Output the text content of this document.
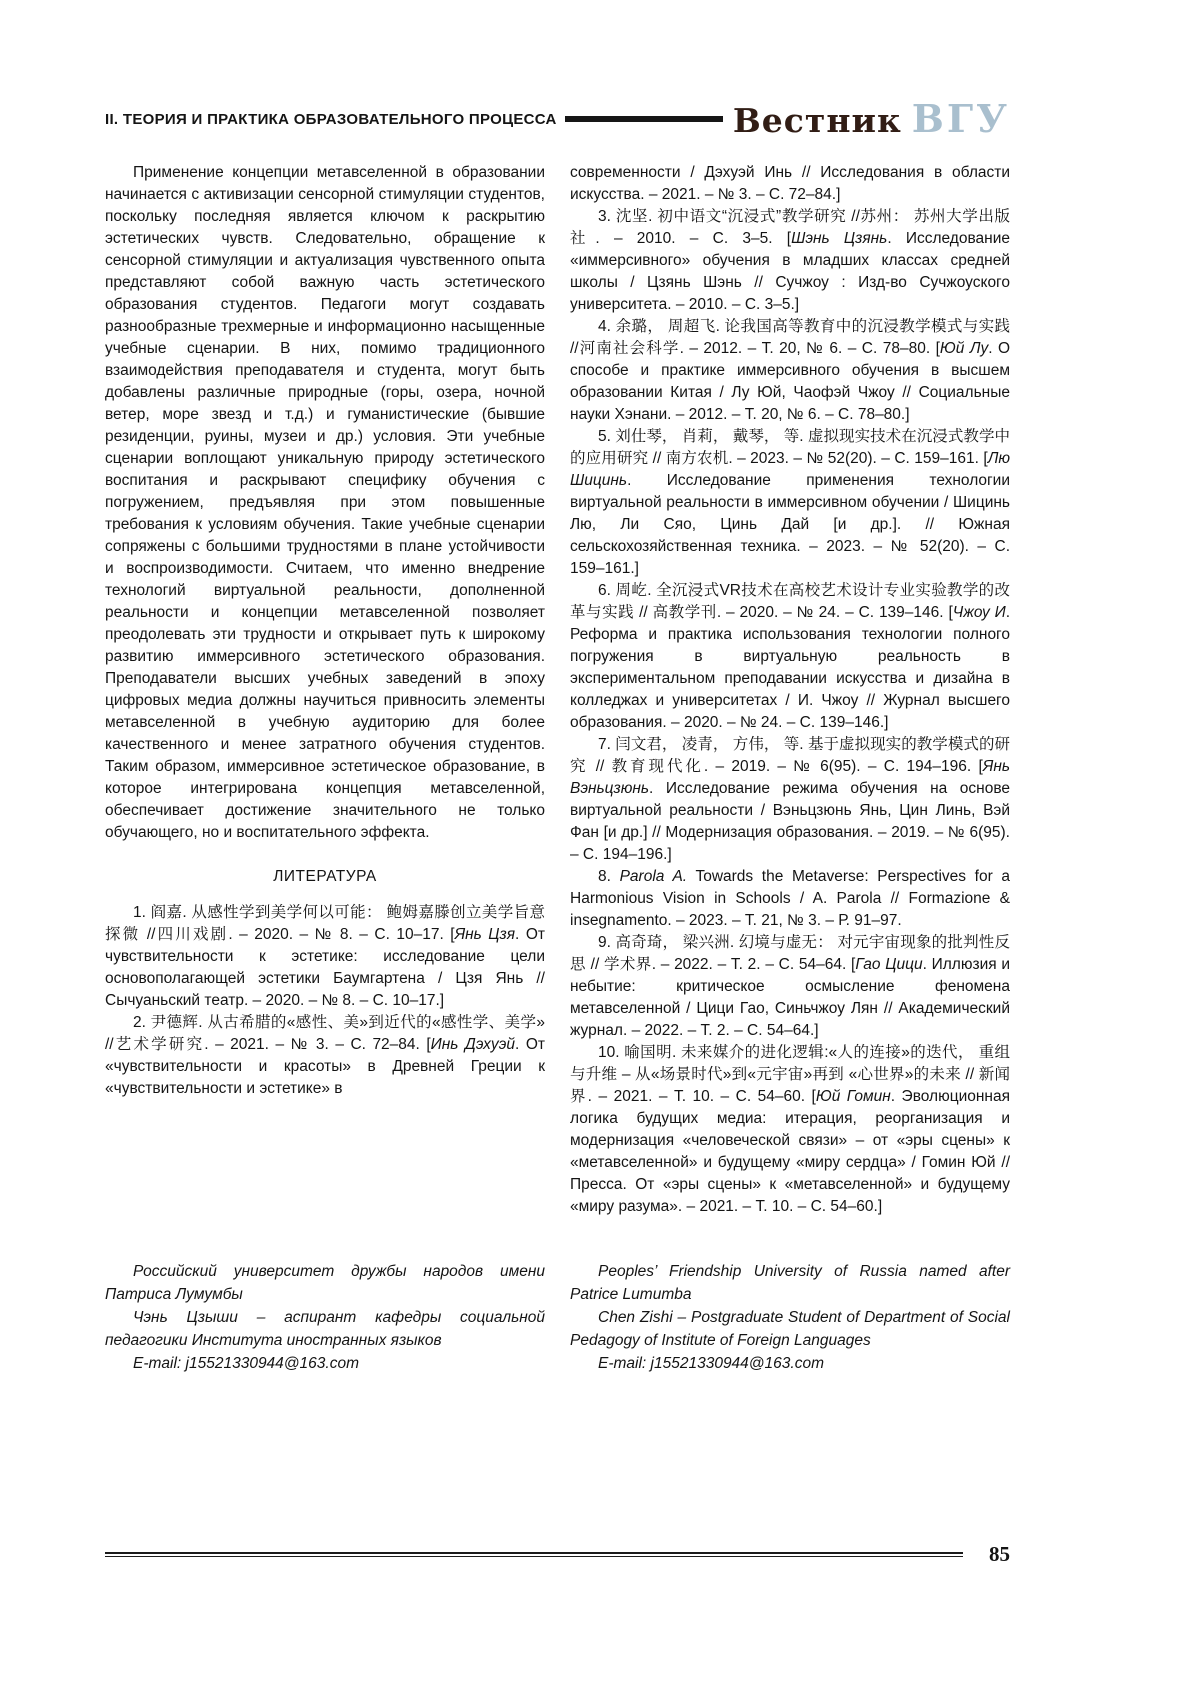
II. ТЕОРИЯ И ПРАКТИКА ОБРАЗОВАТЕЛЬНОГО ПРОЦЕССА	Вестник ВГУ

Применение концепции метавселенной в образовании начинается с активизации сенсорной стимуляции студентов, поскольку последняя является ключом к раскрытию эстетических чувств. Следовательно, обращение к сенсорной стимуляции и актуализация чувственного опыта представляют собой важную часть эстетического образования студентов. Педагоги могут создавать разнообразные трехмерные и информационно насыщенные учебные сценарии. В них, помимо традиционного взаимодействия преподавателя и студента, могут быть добавлены различные природные (горы, озера, ночной ветер, море звезд и т.д.) и гуманистические (бывшие резиденции, руины, музеи и др.) условия. Эти учебные сценарии воплощают уникальную природу эстетического воспитания и раскрывают специфику обучения с погружением, предъявляя при этом повышенные требования к условиям обучения. Такие учебные сценарии сопряжены с большими трудностями в плане устойчивости и воспроизводимости. Считаем, что именно внедрение технологий виртуальной реальности, дополненной реальности и концепции метавселенной позволяет преодолевать эти трудности и открывает путь к широкому развитию иммерсивного эстетического образования. Преподаватели высших учебных заведений в эпоху цифровых медиа должны научиться привносить элементы метавселенной в учебную аудиторию для более качественного и менее затратного обучения студентов. Таким образом, иммерсивное эстетическое образование, в которое интегрирована концепция метавселенной, обеспечивает достижение значительного не только обучающего, но и воспитательного эффекта.

ЛИТЕРАТУРА

1. 阎嘉. 从感性学到美学何以可能： 鲍姆嘉滕创立美学旨意探微 //四川戏剧. – 2020. – № 8. – С. 10–17. [Янь Цзя. От чувствительности к эстетике: исследование цели основополагающей эстетики Баумгартена / Цзя Янь // Сычуаньский театр. – 2020. – № 8. – С. 10–17.]

2. 尹德辉. 从古希腊的«感性、美»到近代的«感性学、美学» //艺术学研究. – 2021. – № 3. – С. 72–84. [Инь Дэхуэй. От «чувствительности и красоты» в Древней Греции к «чувствительности и эстетике» в

современности / Дэхуэй Инь // Исследования в области искусства. – 2021. – № 3. – С. 72–84.]

3. 沈坚. 初中语文“沉浸式”教学研究 //苏州： 苏州大学出版社. – 2010. – С. 3–5. [Шэнь Цзянь. Исследование «иммерсивного» обучения в младших классах средней школы / Цзянь Шэнь // Сучжоу : Изд-во Сучжоуского университета. – 2010. – С. 3–5.]

4. 余璐， 周超飞. 论我国高等教育中的沉浸教学模式与实践 //河南社会科学. – 2012. – Т. 20, № 6. – С. 78–80. [Юй Лу. О способе и практике иммерсивного обучения в высшем образовании Китая / Лу Юй, Чаофэй Чжоу // Социальные науки Хэнани. – 2012. – Т. 20, № 6. – С. 78–80.]

5. 刘仕琴， 肖莉， 戴琴， 等. 虚拟现实技术在沉浸式教学中的应用研究 // 南方农机. – 2023. – № 52(20). – С. 159–161. [Лю Шицинь. Исследование применения технологии виртуальной реальности в иммерсивном обучении / Шицинь Лю, Ли Сяо, Цинь Дай [и др.]. // Южная сельскохозяйственная техника. – 2023. – № 52(20). – С. 159–161.]

6. 周屹. 全沉浸式VR技术在高校艺术设计专业实验教学的改革与实践 // 高教学刊. – 2020. – № 24. – С. 139–146. [Чжоу И. Реформа и практика использования технологии полного погружения в виртуальную реальность в экспериментальном преподавании искусства и дизайна в колледжах и университетах / И. Чжоу // Журнал высшего образования. – 2020. – № 24. – С. 139–146.]

7. 闫文君， 凌青， 方伟， 等. 基于虚拟现实的教学模式的研究 // 教育现代化. – 2019. – № 6(95). – С. 194–196. [Янь Вэньцзюнь. Исследование режима обучения на основе виртуальной реальности / Вэньцзюнь Янь, Цин Линь, Вэй Фан [и др.] // Модернизация образования. – 2019. – № 6(95). – С. 194–196.]

8. Parola A. Towards the Metaverse: Perspectives for a Harmonious Vision in Schools / A. Parola // Formazione & insegnamento. – 2023. – Т. 21, № 3. – Р. 91–97.

9. 高奇琦， 梁兴洲. 幻境与虚无： 对元宇宙现象的批判性反思 // 学术界. – 2022. – Т. 2. – С. 54–64. [Гао Цици. Иллюзия и небытие: критическое осмысление феномена метавселенной / Цици Гао, Синьчжоу Лян // Академический журнал. – 2022. – Т. 2. – С. 54–64.]

10. 喻国明. 未来媒介的进化逻辑:«人的连接»的迭代， 重组与升维 – 从«场景时代»到«元宇宙»再到 «心世界»的未来 // 新闻界. – 2021. – Т. 10. – С. 54–60. [Юй Гомин. Эволюционная логика будущих медиа: итерация, реорганизация и модернизация «человеческой связи» – от «эры сцены» к «метавселенной» и будущему «миру сердца» / Гомин Юй // Пресса. От «эры сцены» к «метавселенной» и будущему «миру разума». – 2021. – Т. 10. – С. 54–60.]

Российский университет дружбы народов имени Патриса Лумумбы

Чэнь Цзыши – аспирант кафедры социальной педагогики Института иностранных языков

E-mail: j15521330944@163.com

Peoples’ Friendship University of Russia named after Patrice Lumumba

Chen Zishi – Postgraduate Student of Department of Social Pedagogy of Institute of Foreign Languages

E-mail: j15521330944@163.com

85
